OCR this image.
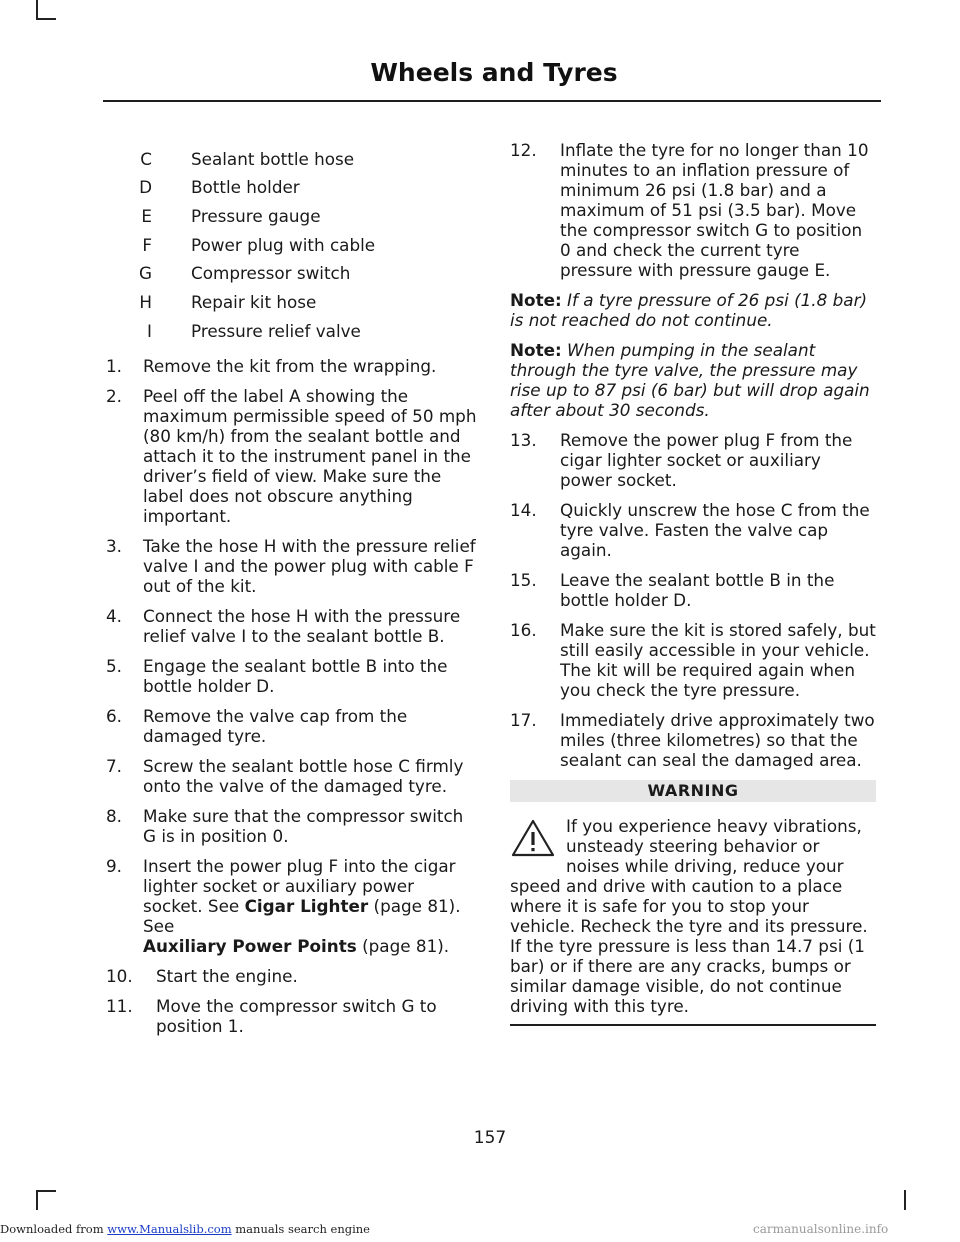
Wheels and Tyres
C Sealant bottle hose
D Bottle holder
E Pressure gauge
F Power plug with cable
G Compressor switch
H Repair kit hose
I Pressure relief valve
1. Remove the kit from the wrapping.
2. Peel off the label A showing the maximum permissible speed of 50 mph (80 km/h) from the sealant bottle and attach it to the instrument panel in the driver’s field of view. Make sure the label does not obscure anything important.
3. Take the hose H with the pressure relief valve I and the power plug with cable F out of the kit.
4. Connect the hose H with the pressure relief valve I to the sealant bottle B.
5. Engage the sealant bottle B into the bottle holder D.
6. Remove the valve cap from the damaged tyre.
7. Screw the sealant bottle hose C firmly onto the valve of the damaged tyre.
8. Make sure that the compressor switch G is in position 0.
9. Insert the power plug F into the cigar lighter socket or auxiliary power socket. See Cigar Lighter (page 81).  See
Auxiliary Power Points (page 81).
10. Start the engine.
11. Move the compressor switch G to position 1.
12. Inflate the tyre for no longer than 10 minutes to an inflation pressure of minimum 26 psi (1.8 bar) and a maximum of 51 psi (3.5 bar). Move the compressor switch G to position 0 and check the current tyre pressure with pressure gauge E.

Note: If a tyre pressure of 26 psi (1.8 bar) is not reached do not continue.

Note: When pumping in the sealant through the tyre valve, the pressure may rise up to 87 psi (6 bar) but will drop again after about 30 seconds.

13. Remove the power plug F from the cigar lighter socket or auxiliary power socket.
14. Quickly unscrew the hose C from the tyre valve. Fasten the valve cap again.
15. Leave the sealant bottle B in the bottle holder D.
16. Make sure the kit is stored safely, but still easily accessible in your vehicle. The kit will be required again when you check the tyre pressure.
17. Immediately drive approximately two miles (three kilometres) so that the sealant can seal the damaged area.
WARNING
If you experience heavy vibrations, unsteady steering behavior or noises while driving, reduce your speed and drive with caution to a place where it is safe for you to stop your vehicle. Recheck the tyre and its pressure. If the tyre pressure is less than 14.7 psi (1 bar) or if there are any cracks, bumps or similar damage visible, do not continue driving with this tyre.
157
Downloaded from www.Manualslib.com manuals search engine	carmanualsonline.info
